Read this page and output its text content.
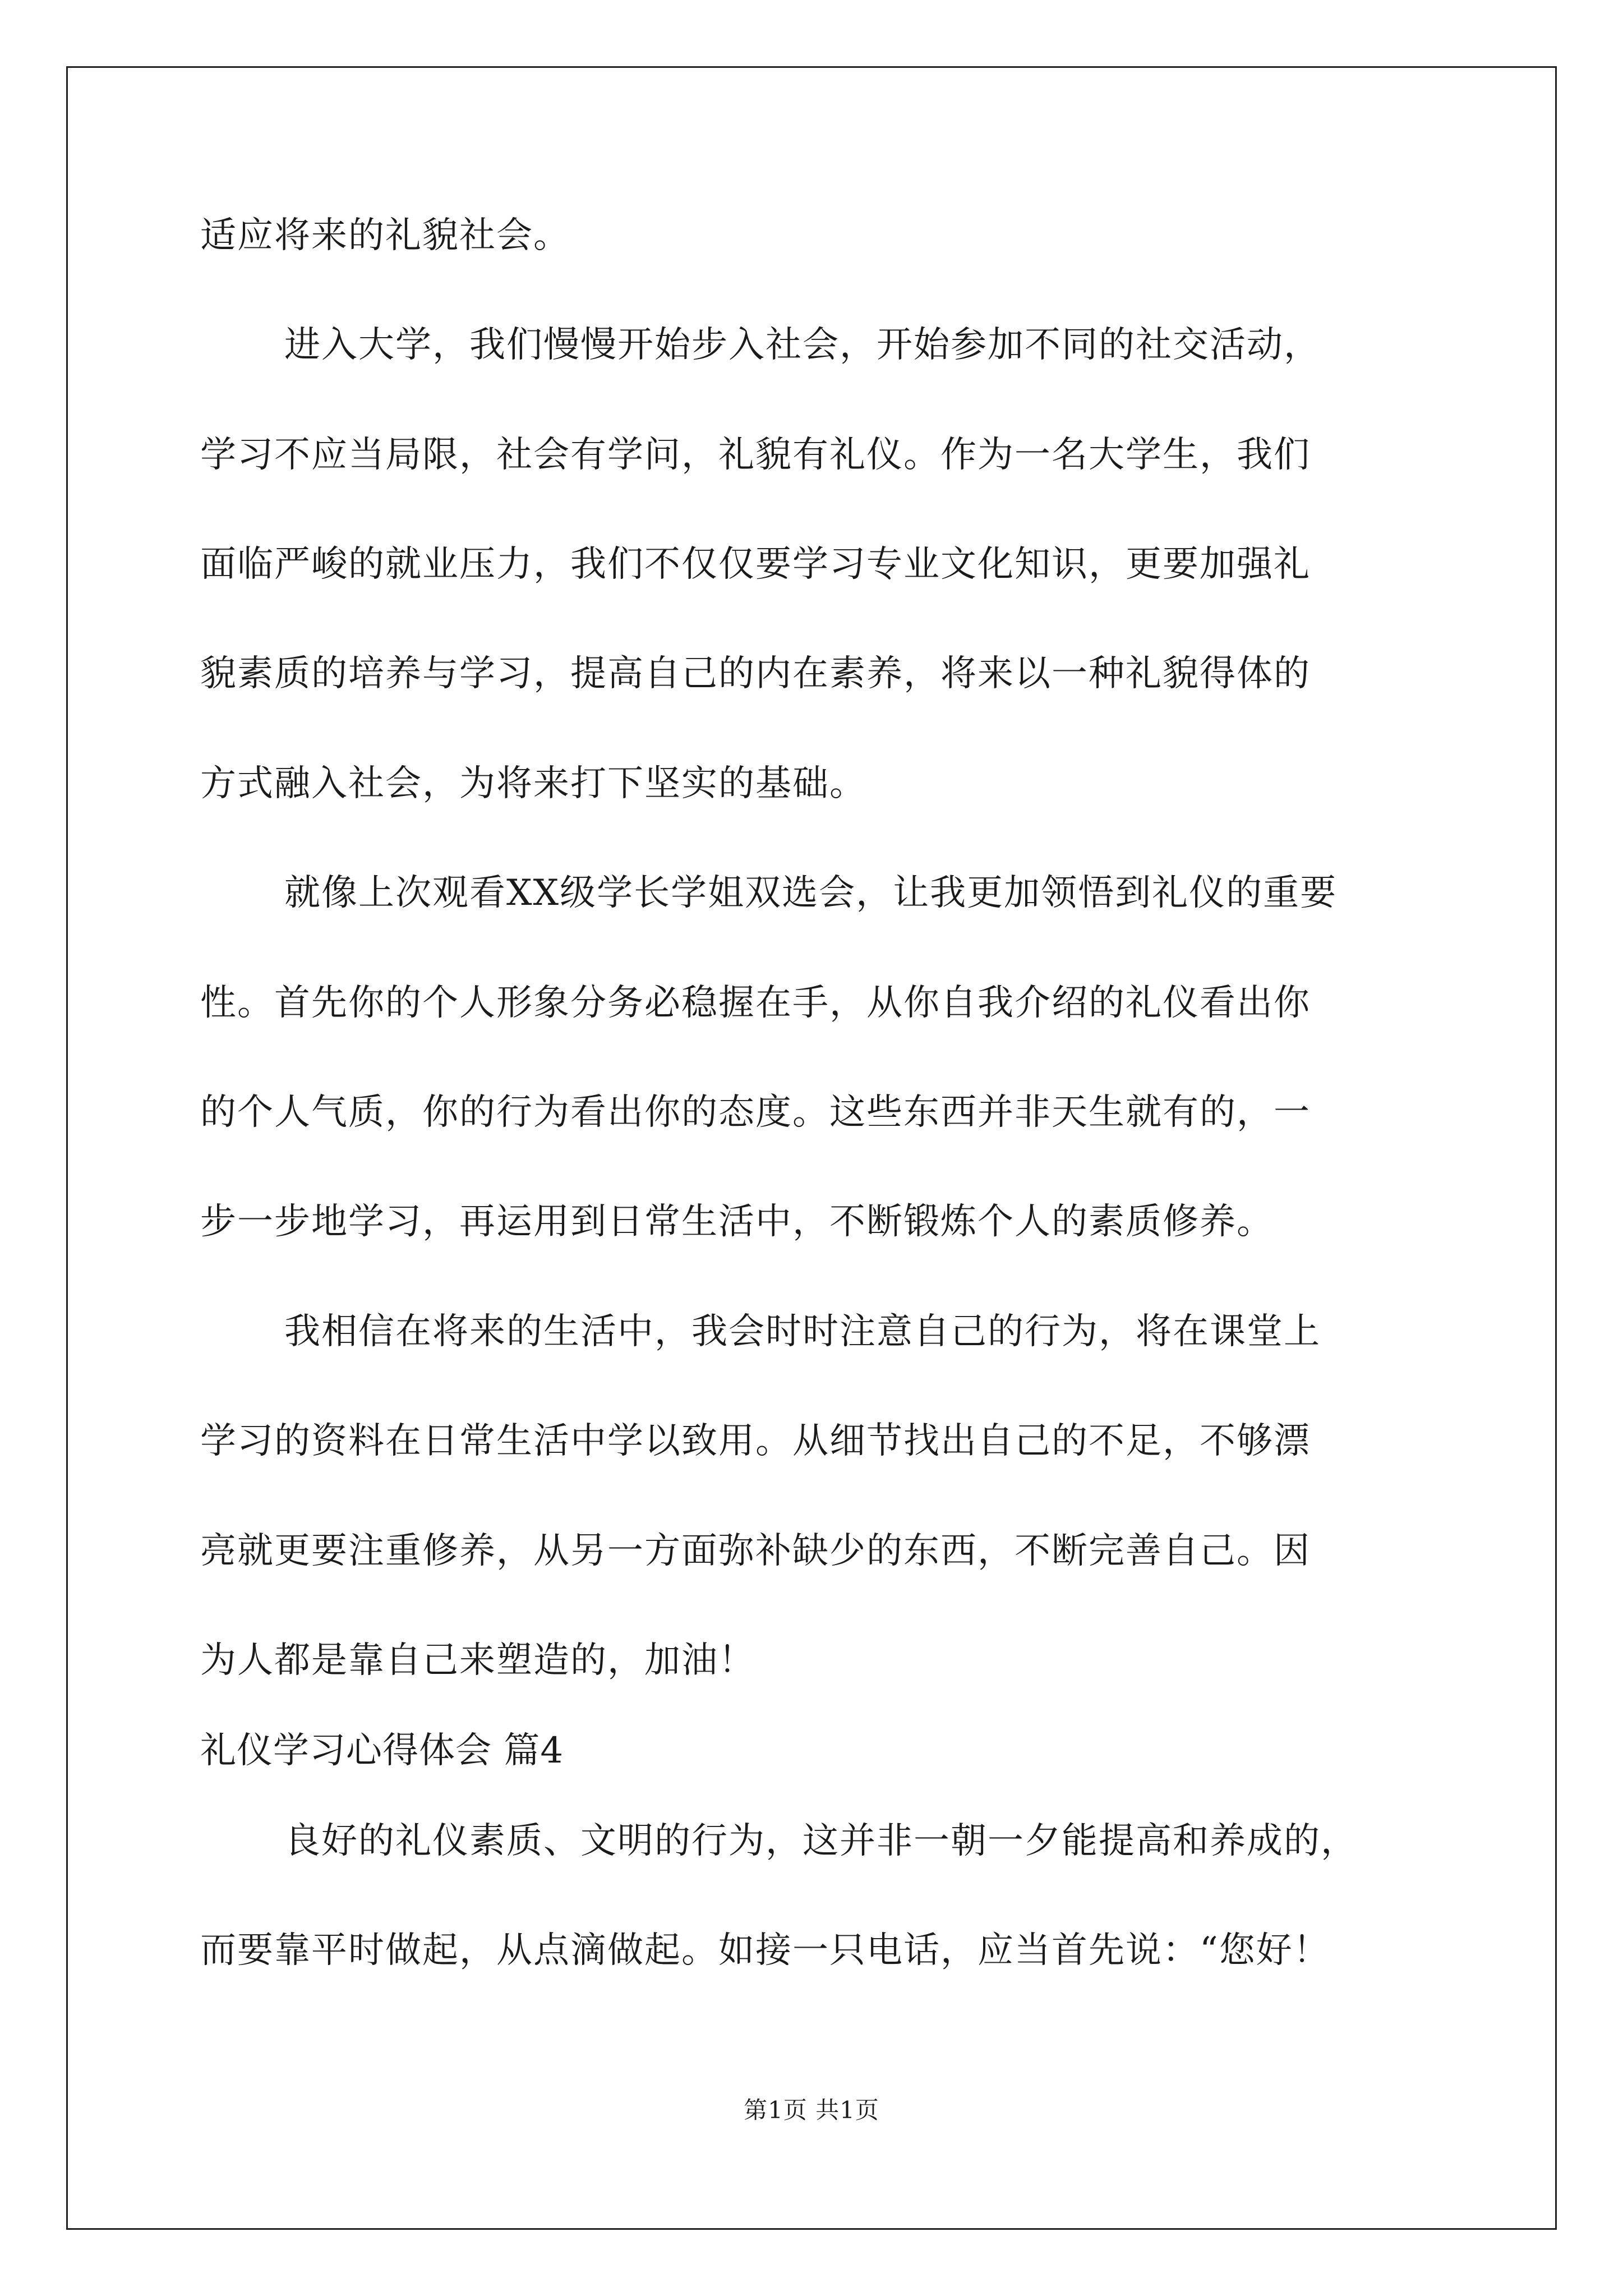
适应将来的礼貌社会。
进入大学，我们慢慢开始步入社会，开始参加不同的社交活动，
学习不应当局限，社会有学问，礼貌有礼仪。作为一名大学生，我们
面临严峻的就业压力，我们不仅仅要学习专业文化知识，更要加强礼
貌素质的培养与学习，提高自己的内在素养，将来以一种礼貌得体的
方式融入社会，为将来打下坚实的基础。
就像上次观看XX级学长学姐双选会，让我更加领悟到礼仪的重要
性。首先你的个人形象分务必稳握在手，从你自我介绍的礼仪看出你
的个人气质，你的行为看出你的态度。这些东西并非天生就有的，一
步一步地学习，再运用到日常生活中，不断锻炼个人的素质修养。
我相信在将来的生活中，我会时时注意自己的行为，将在课堂上
学习的资料在日常生活中学以致用。从细节找出自己的不足，不够漂
亮就更要注重修养，从另一方面弥补缺少的东西，不断完善自己。因
为人都是靠自己来塑造的，加油！
礼仪学习心得体会 篇4
良好的礼仪素质、文明的行为，这并非一朝一夕能提高和养成的，
而要靠平时做起，从点滴做起。如接一只电话，应当首先说：“您好！
第1页 共1页
